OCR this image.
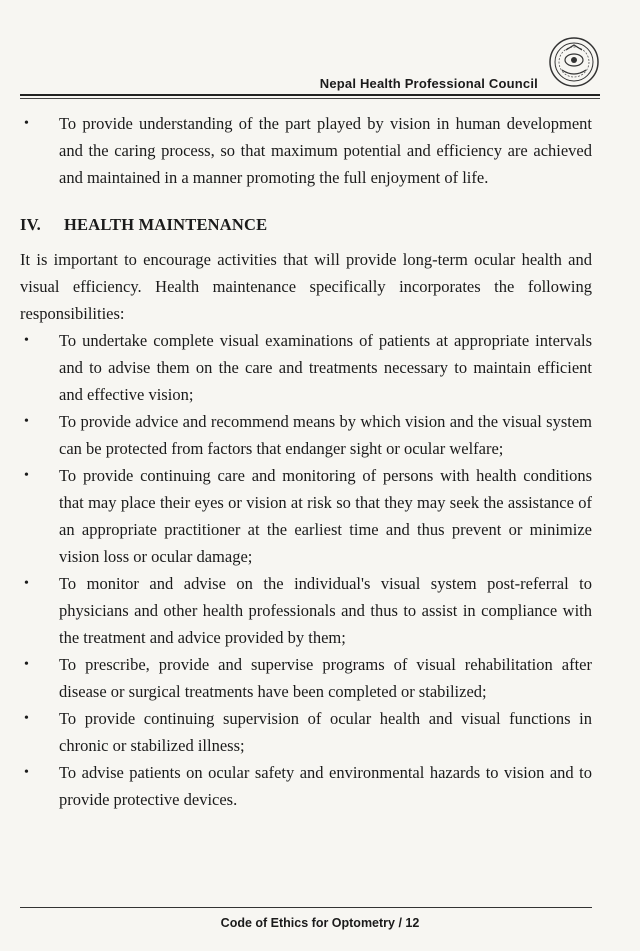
Nepal Health Professional Council

• To provide understanding of the part played by vision in human development and the caring process, so that maximum potential and efficiency are achieved and maintained in a manner promoting the full enjoyment of life.

IV. HEALTH MAINTENANCE

It is important to encourage activities that will provide long-term ocular health and visual efficiency. Health maintenance specifically incorporates the following responsibilities:

• To undertake complete visual examinations of patients at appropriate intervals and to advise them on the care and treatments necessary to maintain efficient and effective vision;

• To provide advice and recommend means by which vision and the visual system can be protected from factors that endanger sight or ocular welfare;

• To provide continuing care and monitoring of persons with health conditions that may place their eyes or vision at risk so that they may seek the assistance of an appropriate practitioner at the earliest time and thus prevent or minimize vision loss or ocular damage;

• To monitor and advise on the individual's visual system post-referral to physicians and other health professionals and thus to assist in compliance with the treatment and advice provided by them;

• To prescribe, provide and supervise programs of visual rehabilitation after disease or surgical treatments have been completed or stabilized;

• To provide continuing supervision of ocular health and visual functions in chronic or stabilized illness;

• To advise patients on ocular safety and environmental hazards to vision and to provide protective devices.

Code of Ethics for Optometry / 12
